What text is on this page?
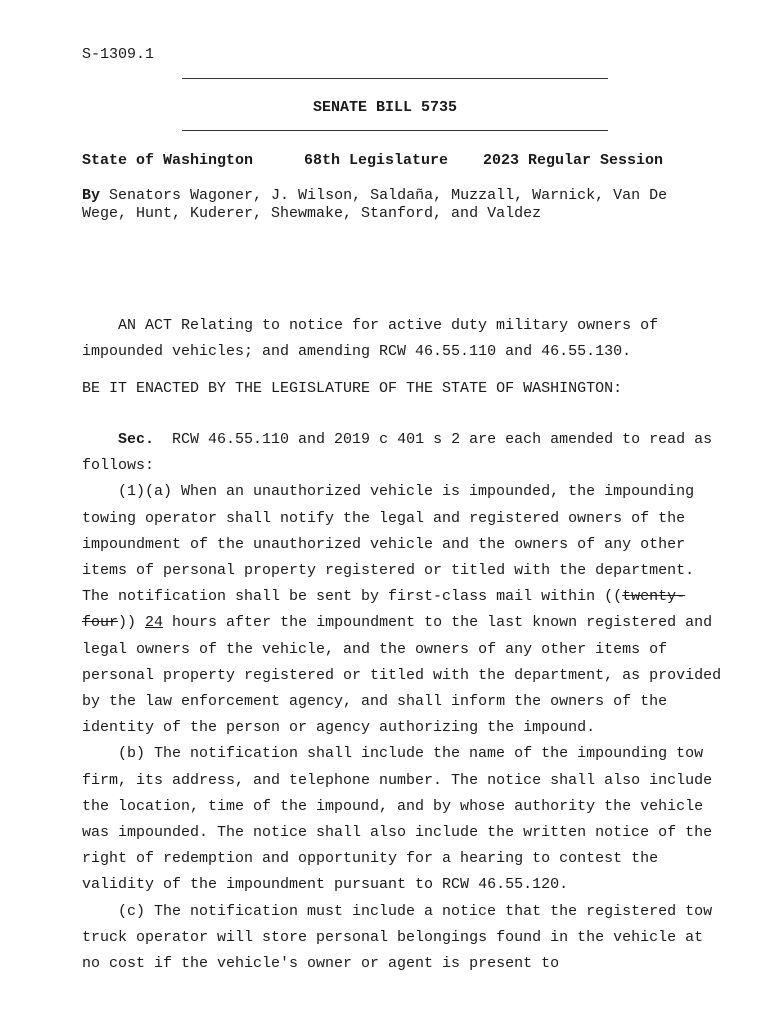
S-1309.1
SENATE BILL 5735
State of Washington	68th Legislature 2023 Regular Session
By Senators Wagoner, J. Wilson, Saldaña, Muzzall, Warnick, Van De Wege, Hunt, Kuderer, Shewmake, Stanford, and Valdez
AN ACT Relating to notice for active duty military owners of impounded vehicles; and amending RCW 46.55.110 and 46.55.130.
BE IT ENACTED BY THE LEGISLATURE OF THE STATE OF WASHINGTON:
Sec. RCW 46.55.110 and 2019 c 401 s 2 are each amended to read as follows:
(1)(a) When an unauthorized vehicle is impounded, the impounding towing operator shall notify the legal and registered owners of the impoundment of the unauthorized vehicle and the owners of any other items of personal property registered or titled with the department. The notification shall be sent by first-class mail within ((twenty-four)) 24 hours after the impoundment to the last known registered and legal owners of the vehicle, and the owners of any other items of personal property registered or titled with the department, as provided by the law enforcement agency, and shall inform the owners of the identity of the person or agency authorizing the impound.
(b) The notification shall include the name of the impounding tow firm, its address, and telephone number. The notice shall also include the location, time of the impound, and by whose authority the vehicle was impounded. The notice shall also include the written notice of the right of redemption and opportunity for a hearing to contest the validity of the impoundment pursuant to RCW 46.55.120.
(c) The notification must include a notice that the registered tow truck operator will store personal belongings found in the vehicle at no cost if the vehicle's owner or agent is present to
